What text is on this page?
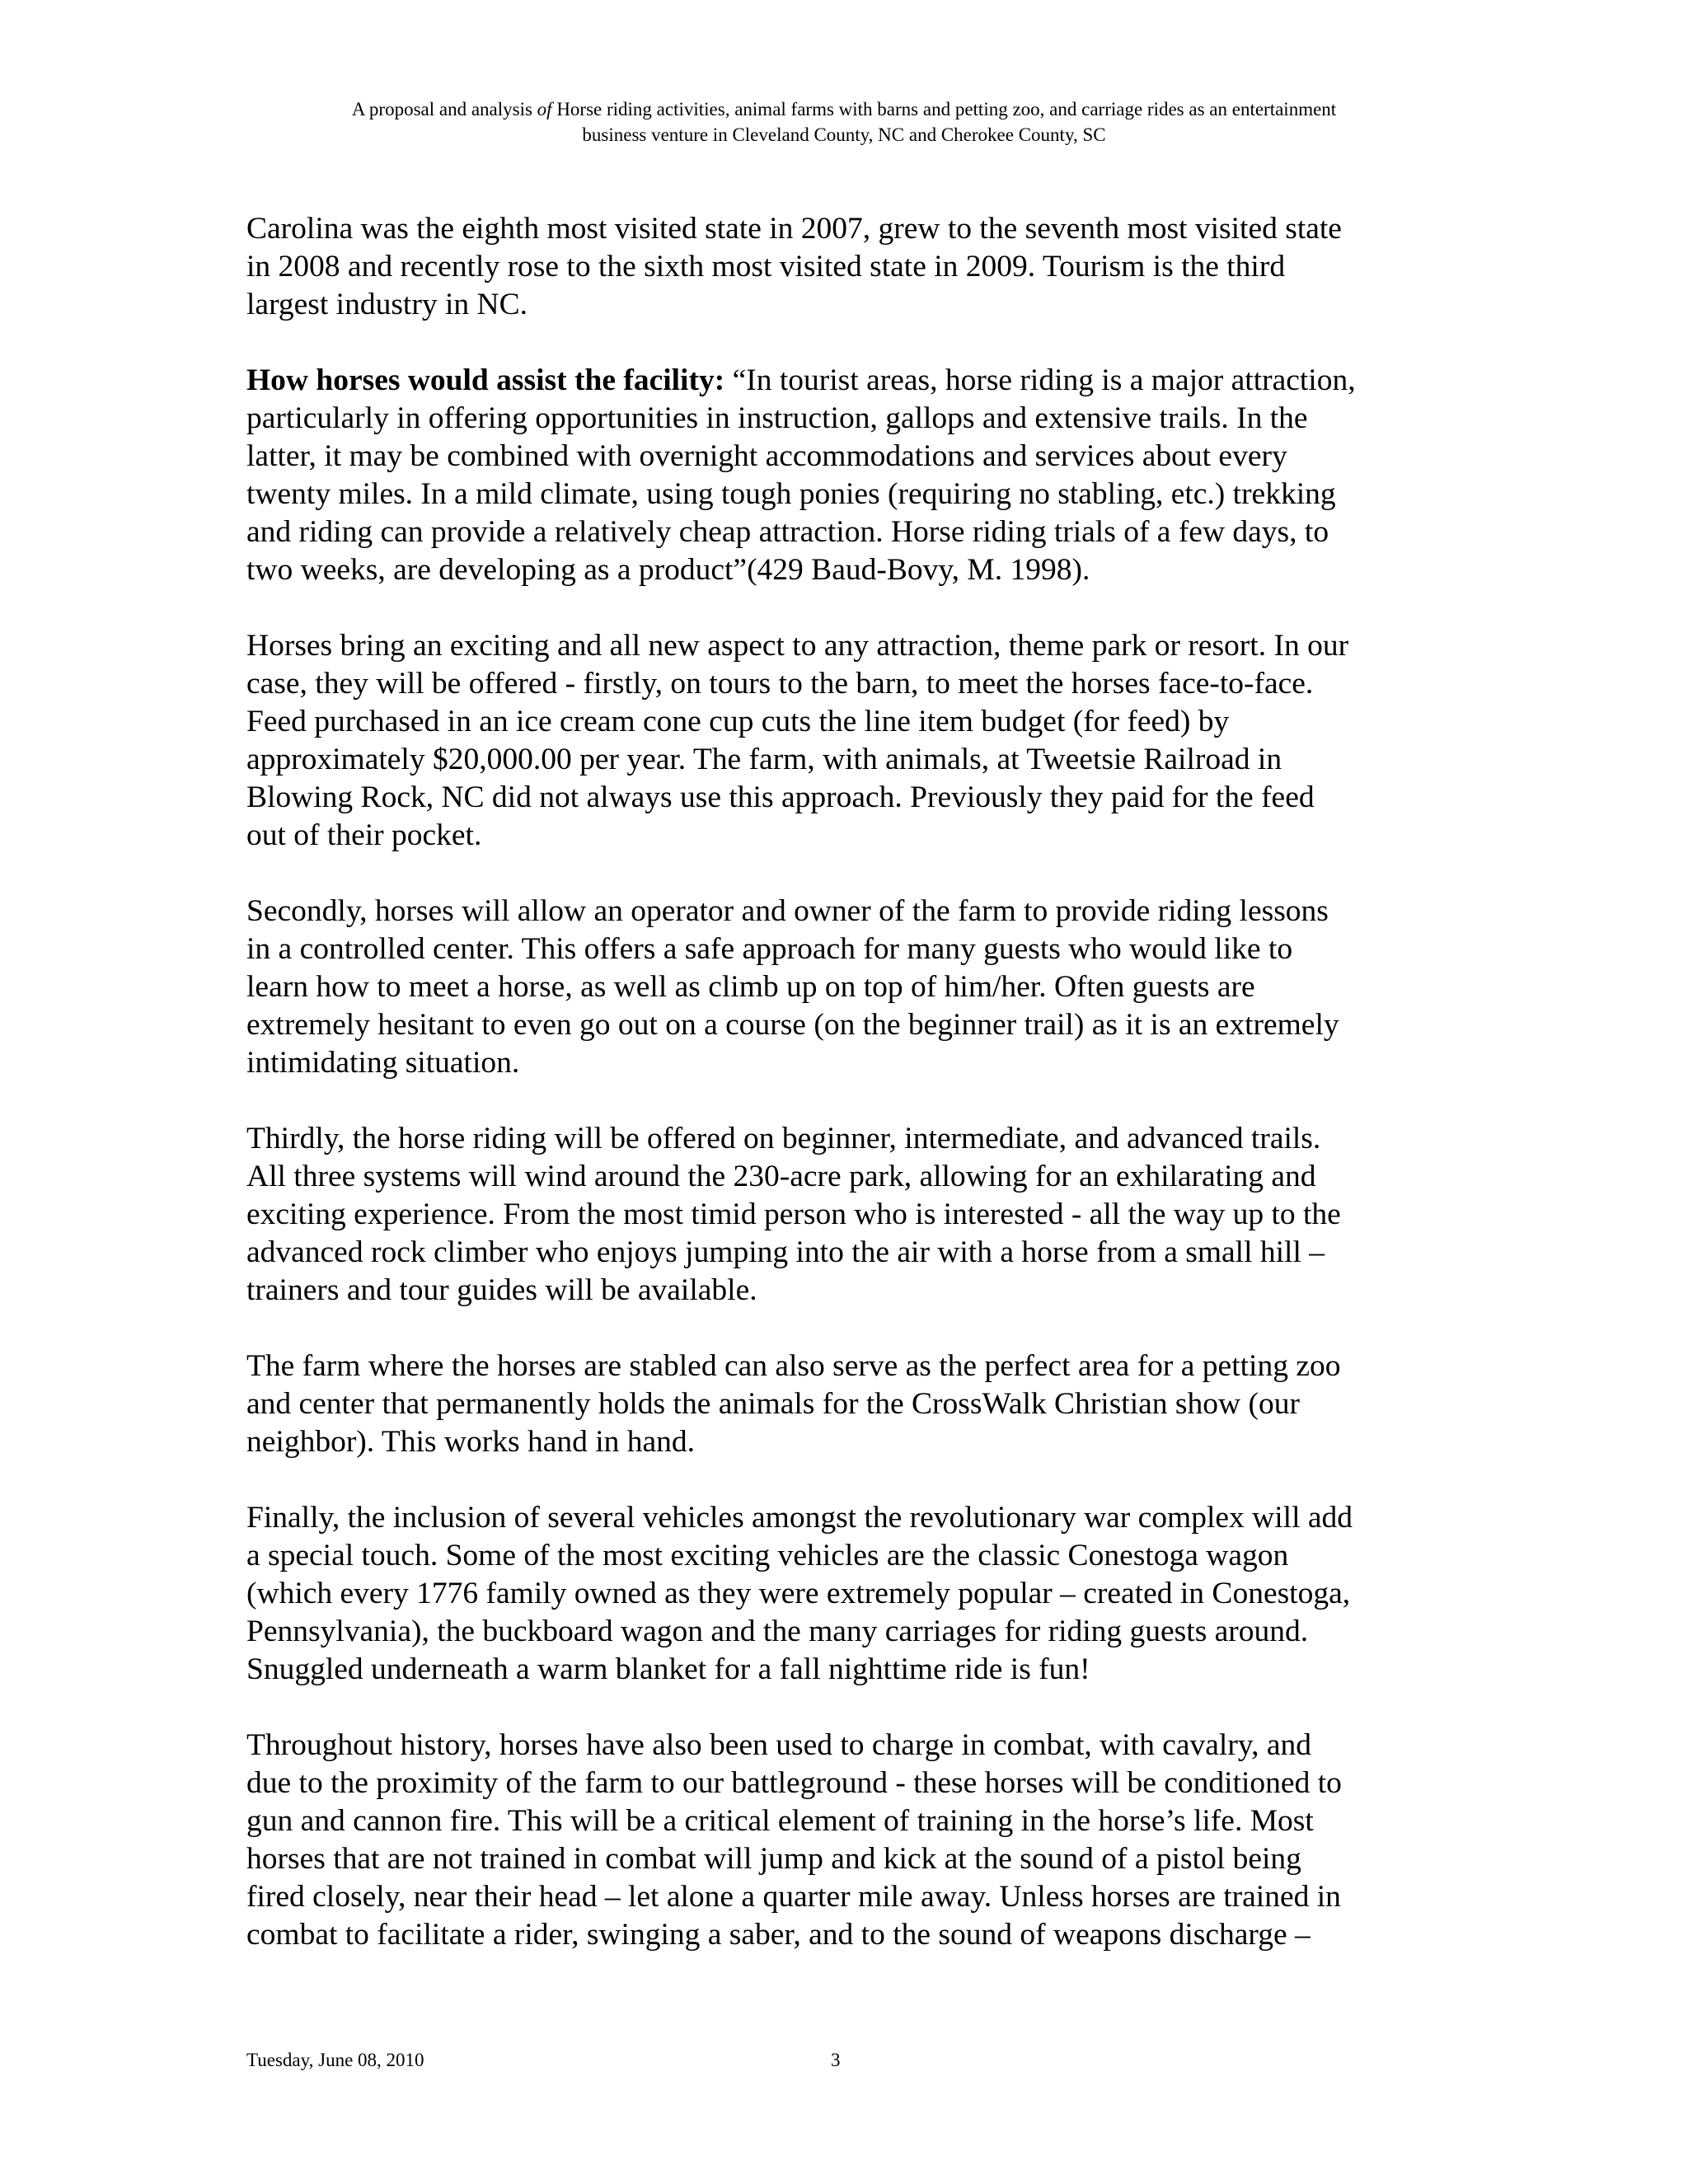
A proposal and analysis of Horse riding activities, animal farms with barns and petting zoo, and carriage rides as an entertainment
business venture in Cleveland County, NC and Cherokee County, SC

Carolina was the eighth most visited state in 2007, grew to the seventh most visited state
in 2008 and recently rose to the sixth most visited state in 2009. Tourism is the third
largest industry in NC.

How horses would assist the facility: “In tourist areas, horse riding is a major attraction,
particularly in offering opportunities in instruction, gallops and extensive trails. In the
latter, it may be combined with overnight accommodations and services about every
twenty miles. In a mild climate, using tough ponies (requiring no stabling, etc.) trekking
and riding can provide a relatively cheap attraction. Horse riding trials of a few days, to
two weeks, are developing as a product”(429 Baud-Bovy, M. 1998).

Horses bring an exciting and all new aspect to any attraction, theme park or resort. In our
case, they will be offered - firstly, on tours to the barn, to meet the horses face-to-face.
Feed purchased in an ice cream cone cup cuts the line item budget (for feed) by
approximately $20,000.00 per year. The farm, with animals, at Tweetsie Railroad in
Blowing Rock, NC did not always use this approach. Previously they paid for the feed
out of their pocket.

Secondly, horses will allow an operator and owner of the farm to provide riding lessons
in a controlled center. This offers a safe approach for many guests who would like to
learn how to meet a horse, as well as climb up on top of him/her. Often guests are
extremely hesitant to even go out on a course (on the beginner trail) as it is an extremely
intimidating situation.

Thirdly, the horse riding will be offered on beginner, intermediate, and advanced trails.
All three systems will wind around the 230-acre park, allowing for an exhilarating and
exciting experience. From the most timid person who is interested - all the way up to the
advanced rock climber who enjoys jumping into the air with a horse from a small hill –
trainers and tour guides will be available.

The farm where the horses are stabled can also serve as the perfect area for a petting zoo
and center that permanently holds the animals for the CrossWalk Christian show (our
neighbor). This works hand in hand.

Finally, the inclusion of several vehicles amongst the revolutionary war complex will add
a special touch. Some of the most exciting vehicles are the classic Conestoga wagon
(which every 1776 family owned as they were extremely popular – created in Conestoga,
Pennsylvania), the buckboard wagon and the many carriages for riding guests around.
Snuggled underneath a warm blanket for a fall nighttime ride is fun!

Throughout history, horses have also been used to charge in combat, with cavalry, and
due to the proximity of the farm to our battleground - these horses will be conditioned to
gun and cannon fire. This will be a critical element of training in the horse’s life. Most
horses that are not trained in combat will jump and kick at the sound of a pistol being
fired closely, near their head – let alone a quarter mile away. Unless horses are trained in
combat to facilitate a rider, swinging a saber, and to the sound of weapons discharge –

Tuesday, June 08, 2010	3
